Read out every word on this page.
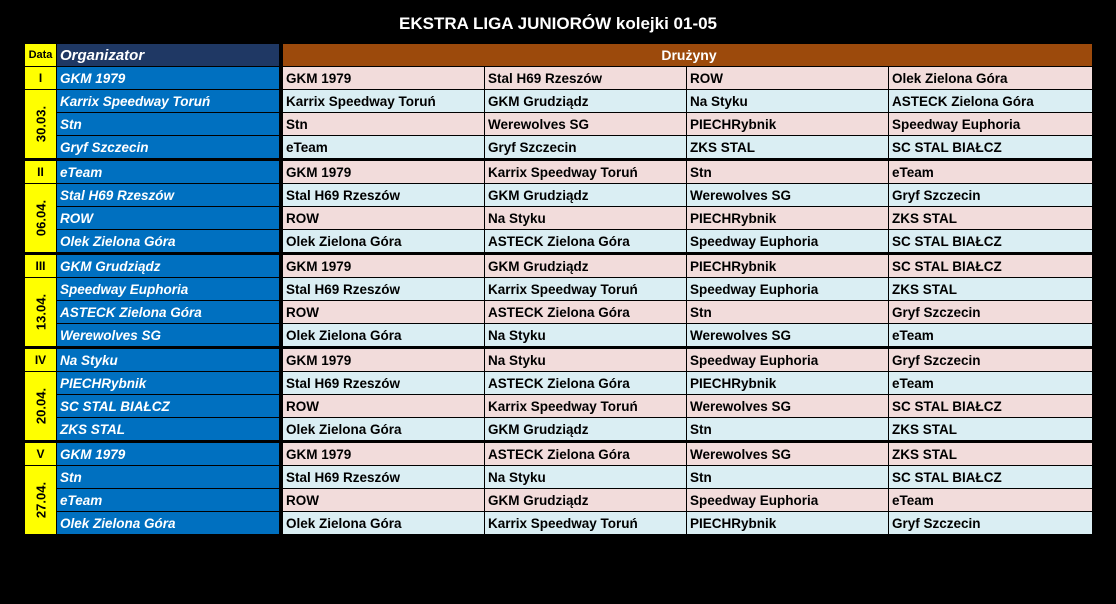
EKSTRA LIGA JUNIORÓW kolejki 01-05
Data	Organizator		Drużyny			
I	GKM 1979		GKM 1979	Stal H69 Rzeszów	ROW	Olek Zielona Góra

30.03.	Karrix Speedway Toruń		Karrix Speedway Toruń	GKM Grudziądz	Na Styku	ASTECK Zielona Góra
	Stn		Stn	Werewolves SG	PIECHRybnik	Speedway Euphoria
	Gryf Szczecin		eTeam	Gryf Szczecin	ZKS STAL	SC STAL BIAŁCZ
II	eTeam		GKM 1979	Karrix Speedway Toruń	Stn	eTeam

06.04.	Stal H69 Rzeszów		Stal H69 Rzeszów	GKM Grudziądz	Werewolves SG	Gryf Szczecin
	ROW		ROW	Na Styku	PIECHRybnik	ZKS STAL
	Olek Zielona Góra		Olek Zielona Góra	ASTECK Zielona Góra	Speedway Euphoria	SC STAL BIAŁCZ
III	GKM Grudziądz		GKM 1979	GKM Grudziądz	PIECHRybnik	SC STAL BIAŁCZ

13.04.	Speedway Euphoria		Stal H69 Rzeszów	Karrix Speedway Toruń	Speedway Euphoria	ZKS STAL
	ASTECK Zielona Góra		ROW	ASTECK Zielona Góra	Stn	Gryf Szczecin
	Werewolves SG		Olek Zielona Góra	Na Styku	Werewolves SG	eTeam
IV	Na Styku		GKM 1979	Na Styku	Speedway Euphoria	Gryf Szczecin

20.04.	PIECHRybnik		Stal H69 Rzeszów	ASTECK Zielona Góra	PIECHRybnik	eTeam
	SC STAL BIAŁCZ		ROW	Karrix Speedway Toruń	Werewolves SG	SC STAL BIAŁCZ
	ZKS STAL		Olek Zielona Góra	GKM Grudziądz	Stn	ZKS STAL
V	GKM 1979		GKM 1979	ASTECK Zielona Góra	Werewolves SG	ZKS STAL

27.04.	Stn		Stal H69 Rzeszów	Na Styku	Stn	SC STAL BIAŁCZ
	eTeam		ROW	GKM Grudziądz	Speedway Euphoria	eTeam
	Olek Zielona Góra		Olek Zielona Góra	Karrix Speedway Toruń	PIECHRybnik	Gryf Szczecin
